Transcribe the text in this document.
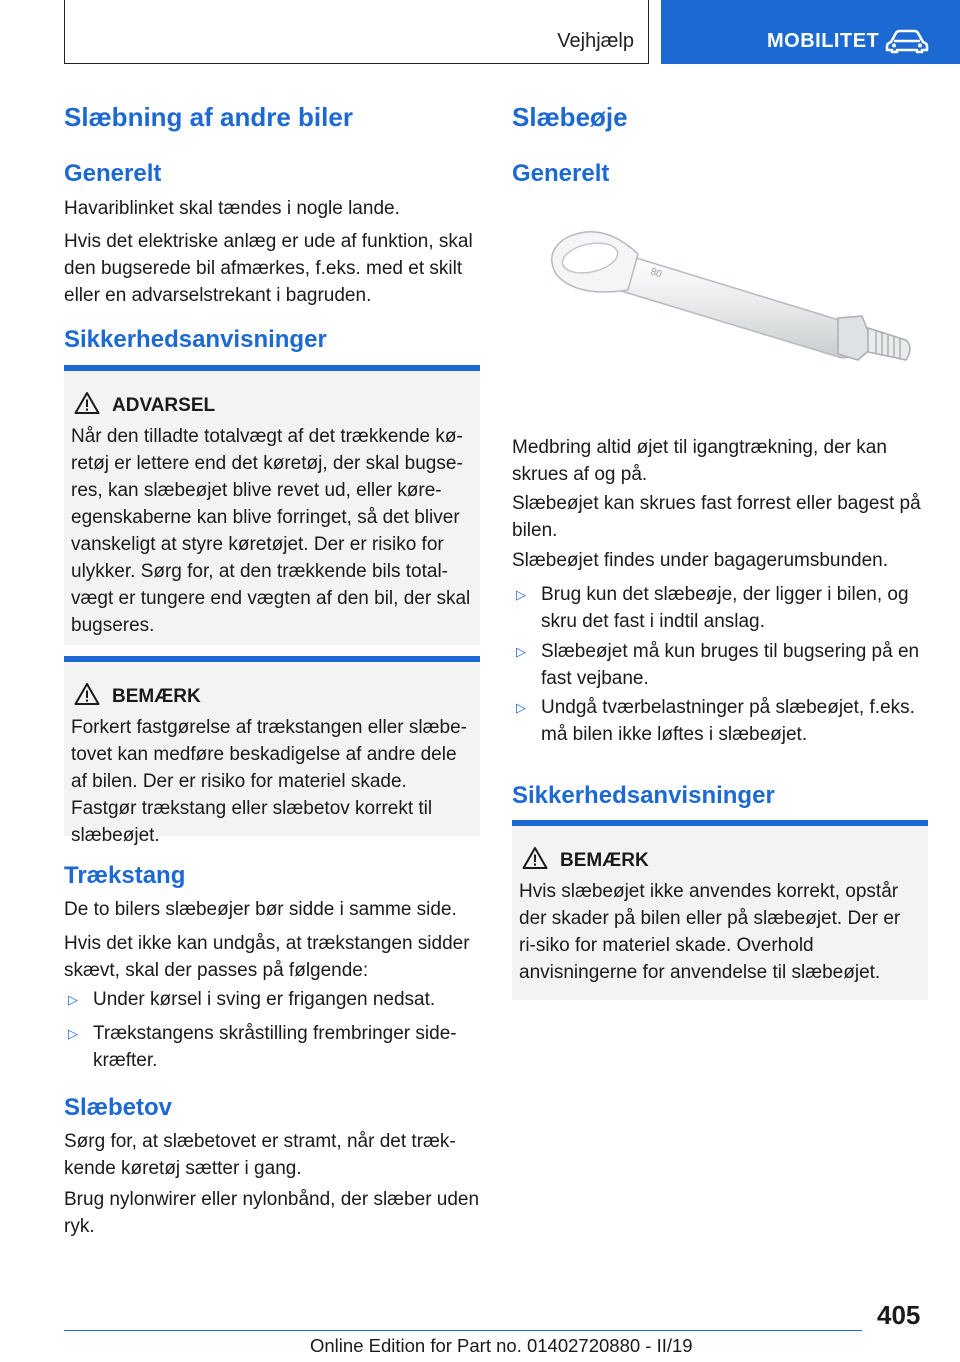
Vejhjælp	MOBILITET
Slæbning af andre biler
Generelt

Havariblinket skal tændes i nogle lande.

Hvis det elektriske anlæg er ude af funktion, skal den bugserede bil afmærkes, f.eks. med et skilt eller en advarselstrekant i bagruden.

Sikkerhedsanvisninger
ADVARSEL

Når den tilladte totalvægt af det trækkende kø-retøj er lettere end det køretøj, der skal bugse-res, kan slæbeøjet blive revet ud, eller køre-egenskaberne kan blive forringet, så det bliver vanskeligt at styre køretøjet. Der er risiko for ulykker. Sørg for, at den trækkende bils total-vægt er tungere end vægten af den bil, der skal bugseres.

BEMÆRK

Forkert fastgørelse af trækstangen eller slæbe-tovet kan medføre beskadigelse af andre dele af bilen. Der er risiko for materiel skade. Fastgør trækstang eller slæbetov korrekt til slæbeøjet.

Trækstang

De to bilers slæbeøjer bør sidde i samme side.

Hvis det ikke kan undgås, at trækstangen sidder skævt, skal der passes på følgende:

▷ Under kørsel i sving er frigangen nedsat.

▷ Trækstangens skråstilling frembringer side-kræfter.

Slæbetov

Sørg for, at slæbetovet er stramt, når det træk-kende køretøj sætter i gang.

Brug nylonwirer eller nylonbånd, der slæber uden ryk.

Slæbeøje
Generelt
80

Medbring altid øjet til igangtrækning, der kan skrues af og på.

Slæbeøjet kan skrues fast forrest eller bagest på bilen.

Slæbeøjet findes under bagagerumsbunden.

▷ Brug kun det slæbeøje, der ligger i bilen, og skru det fast i indtil anslag.

▷ Slæbeøjet må kun bruges til bugsering på en fast vejbane.

▷ Undgå tværbelastninger på slæbeøjet, f.eks. må bilen ikke løftes i slæbeøjet.

Sikkerhedsanvisninger
BEMÆRK

Hvis slæbeøjet ikke anvendes korrekt, opstår der skader på bilen eller på slæbeøjet. Der er ri-siko for materiel skade. Overhold anvisningerne for anvendelse til slæbeøjet.

405
Online Edition for Part no. 01402720880 - II/19
